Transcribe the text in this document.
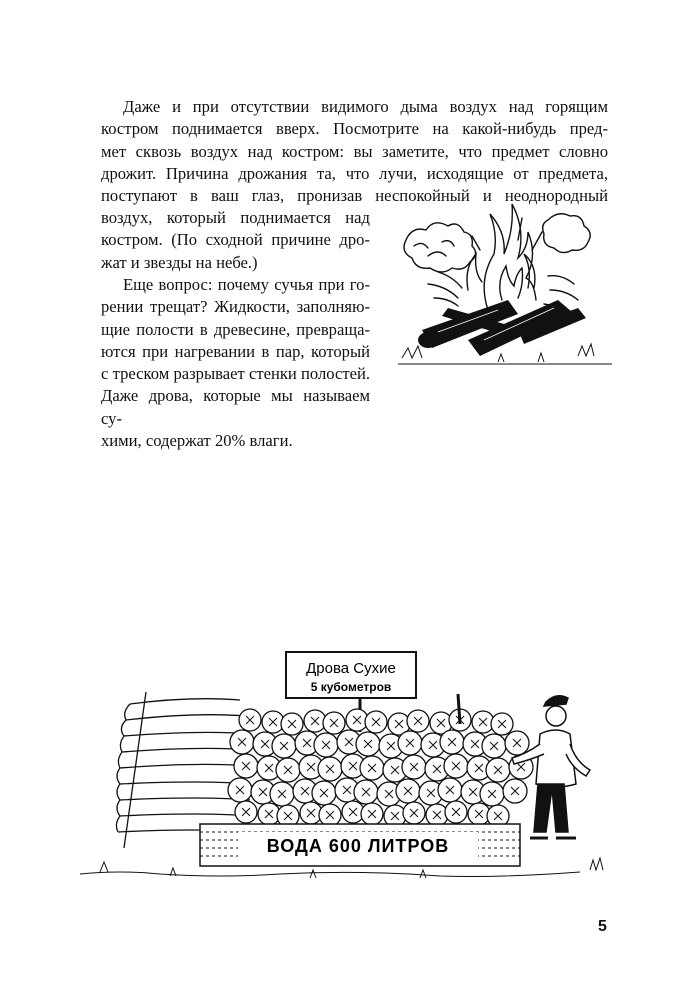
Даже и при отсутствии видимого дыма воздух над горящим
костром поднимается вверх. Посмотрите на какой-нибудь пред-
мет сквозь воздух над костром: вы заметите, что предмет словно
дрожит. Причина дрожания та, что лучи, исходящие от предмета,
поступают в ваш глаз, пронизав неспокойный и неоднородный
воздух, который поднимается над
костром. (По сходной причине дро-
жат и звезды на небе.)
Еще вопрос: почему сучья при го-
рении трещат? Жидкости, заполняю-
щие полости в древесине, превраща-
ются при нагревании в пар, который
с треском разрывает стенки полостей.
Даже дрова, которые мы называем су-
хими, содержат 20% влаги.
Дрова Сухие
5 кубометров
ВОДА 600 ЛИТРОВ
5
